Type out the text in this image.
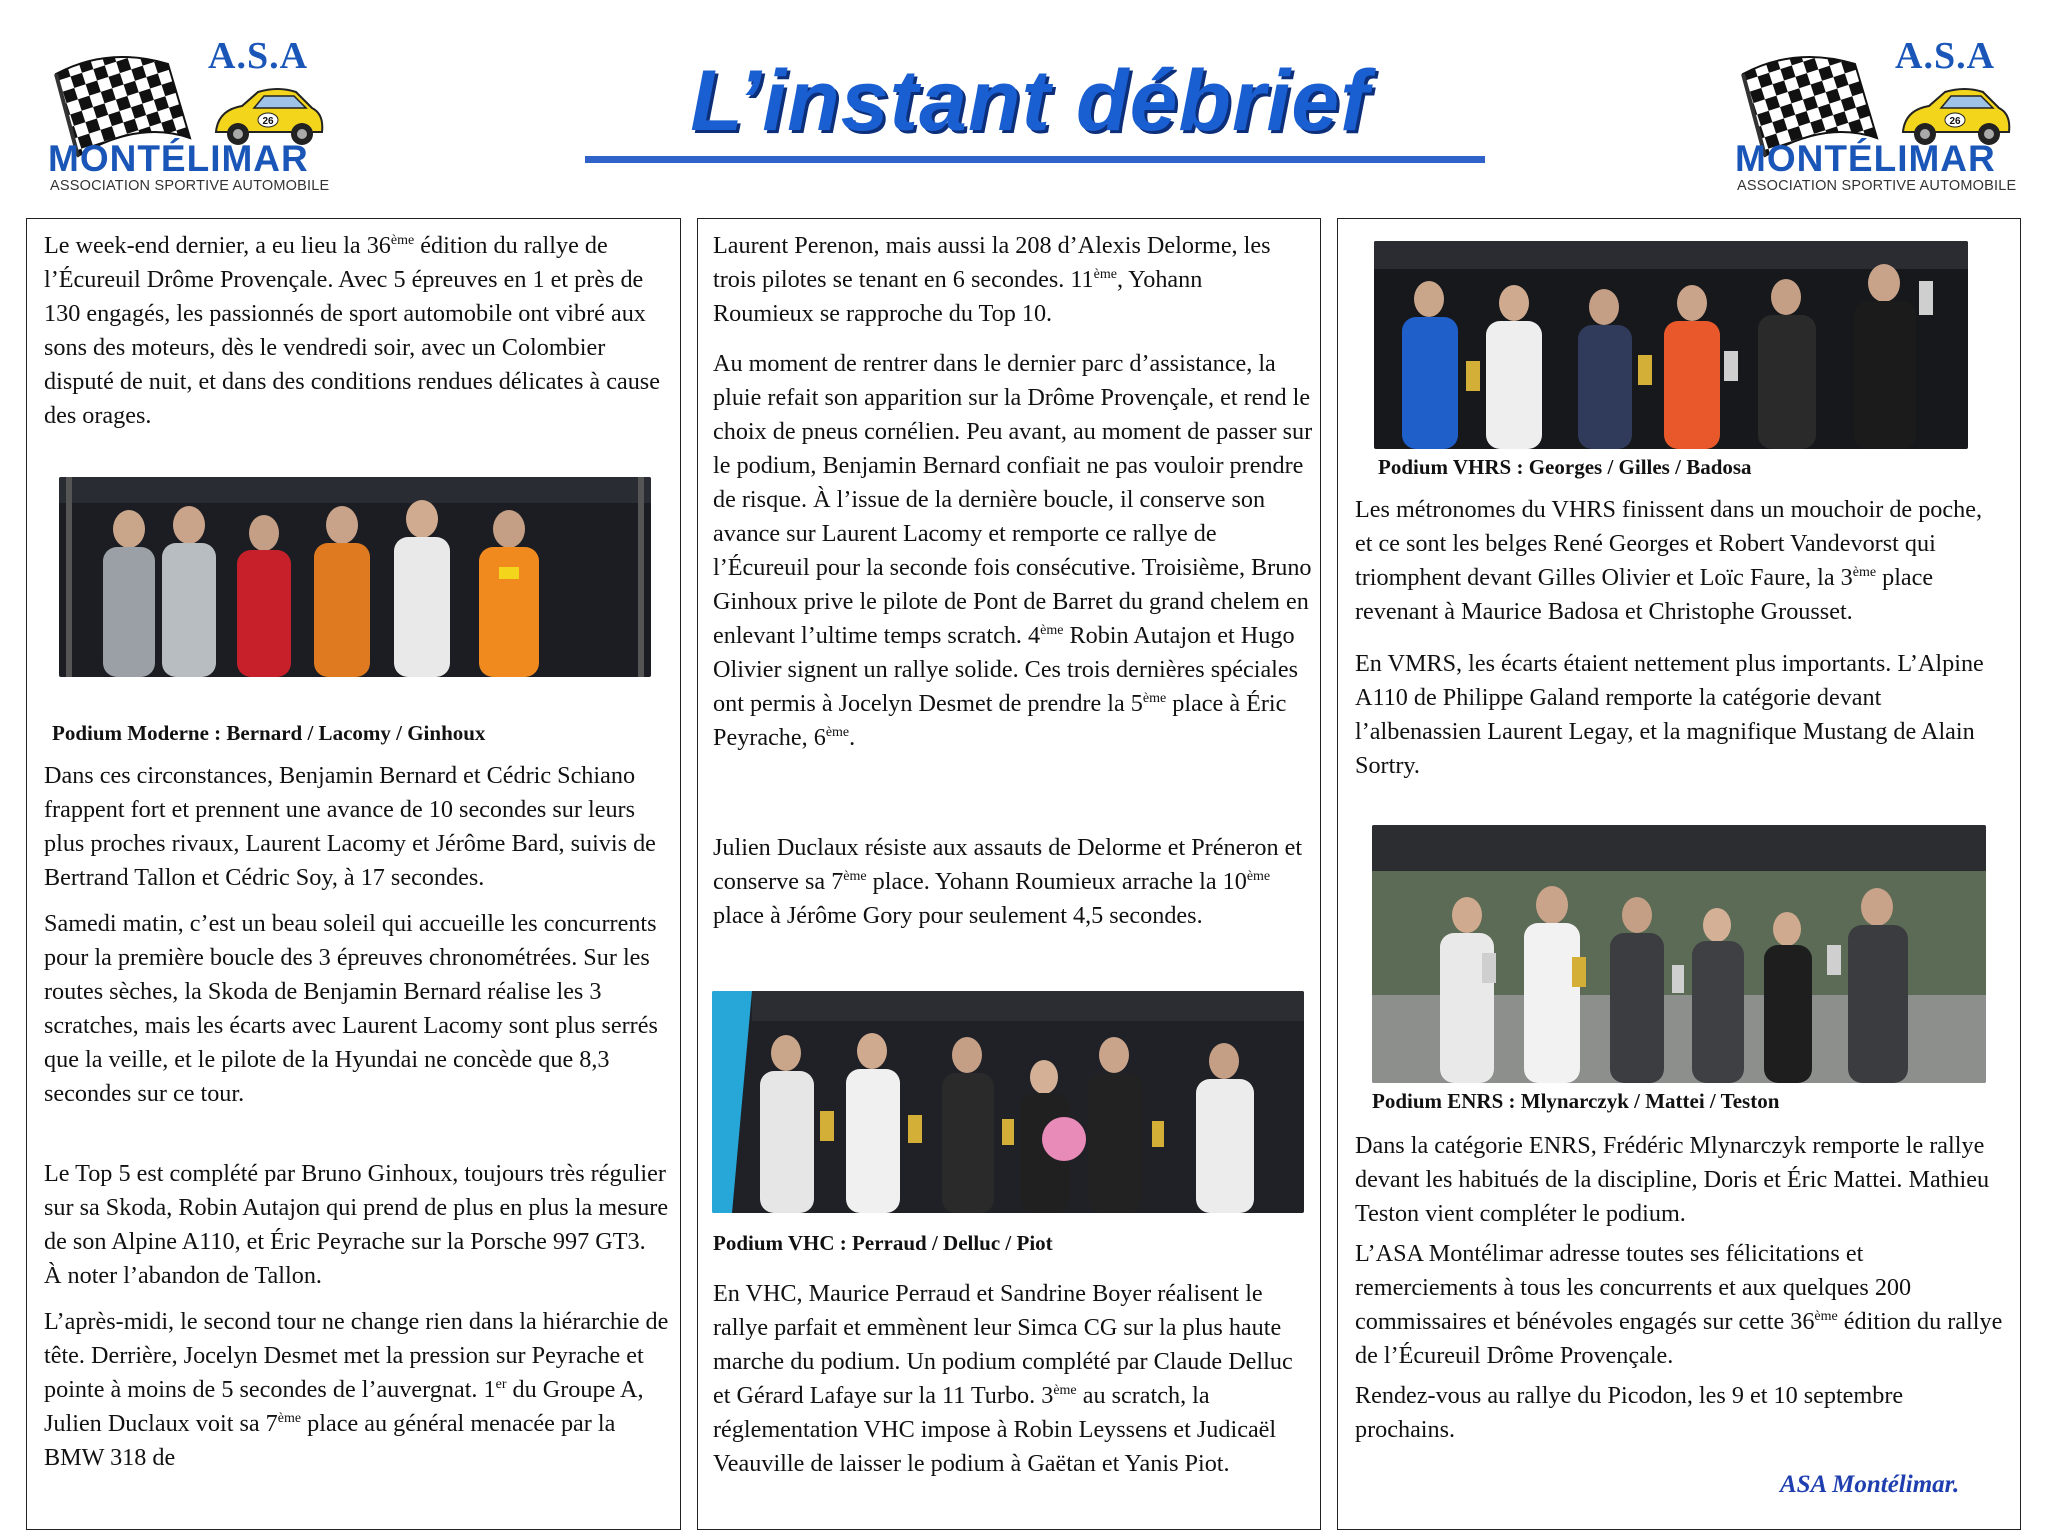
A.S.A
26
MONTÉLIMAR
ASSOCIATION SPORTIVE AUTOMOBILE
L’instant débrief	A.S.A
26
MONTÉLIMAR
ASSOCIATION SPORTIVE AUTOMOBILE

Le week-end dernier, a eu lieu la 36ème édition du rallye de l’Écureuil Drôme Provençale. Avec 5 épreuves en 1 et près de 130 engagés, les passionnés de sport automobile ont vibré aux sons des moteurs, dès le vendredi soir, avec un Colombier disputé de nuit, et dans des conditions rendues délicates à cause des orages.

Podium Moderne : Bernard / Lacomy / Ginhoux

Dans ces circonstances, Benjamin Bernard et Cédric Schiano frappent fort et prennent une avance de 10 secondes sur leurs plus proches rivaux, Laurent Lacomy et Jérôme Bard, suivis de Bertrand Tallon et Cédric Soy, à 17 secondes.

Samedi matin, c’est un beau soleil qui accueille les concurrents pour la première boucle des 3 épreuves chronométrées. Sur les routes sèches, la Skoda de Benjamin Bernard réalise les 3 scratches, mais les écarts avec Laurent Lacomy sont plus serrés que la veille, et le pilote de la Hyundai ne concède que 8,3 secondes sur ce tour.

Le Top 5 est complété par Bruno Ginhoux, toujours très régulier sur sa Skoda, Robin Autajon qui prend de plus en plus la mesure de son Alpine A110, et Éric Peyrache sur la Porsche 997 GT3. À noter l’abandon de Tallon.

L’après-midi, le second tour ne change rien dans la hiérarchie de tête. Derrière, Jocelyn Desmet met la pression sur Peyrache et pointe à moins de 5 secondes de l’auvergnat. 1er du Groupe A, Julien Duclaux voit sa 7ème place au général menacée par la BMW 318 de

Laurent Perenon, mais aussi la 208 d’Alexis Delorme, les trois pilotes se tenant en 6 secondes. 11ème, Yohann Roumieux se rapproche du Top 10.

Au moment de rentrer dans le dernier parc d’assistance, la pluie refait son apparition sur la Drôme Provençale, et rend le choix de pneus cornélien. Peu avant, au moment de passer sur le podium, Benjamin Bernard confiait ne pas vouloir prendre de risque. À l’issue de la dernière boucle, il conserve son avance sur Laurent Lacomy et remporte ce rallye de l’Écureuil pour la seconde fois consécutive. Troisième, Bruno Ginhoux prive le pilote de Pont de Barret du grand chelem en enlevant l’ultime temps scratch. 4ème Robin Autajon et Hugo Olivier signent un rallye solide. Ces trois dernières spéciales ont permis à Jocelyn Desmet de prendre la 5ème place à Éric Peyrache, 6ème.

Julien Duclaux résiste aux assauts de Delorme et Préneron et conserve sa 7ème place. Yohann Roumieux arrache la 10ème place à Jérôme Gory pour seulement 4,5 secondes.

Podium VHC : Perraud / Delluc / Piot

En VHC, Maurice Perraud et Sandrine Boyer réalisent le rallye parfait et emmènent leur Simca CG sur la plus haute marche du podium. Un podium complété par Claude Delluc et Gérard Lafaye sur la 11 Turbo. 3ème au scratch, la réglementation VHC impose à Robin Leyssens et Judicaël Veauville de laisser le podium à Gaëtan et Yanis Piot.

Podium VHRS : Georges / Gilles / Badosa

Les métronomes du VHRS finissent dans un mouchoir de poche, et ce sont les belges René Georges et Robert Vandevorst qui triomphent devant Gilles Olivier et Loïc Faure, la 3ème place revenant à Maurice Badosa et Christophe Grousset.

En VMRS, les écarts étaient nettement plus importants. L’Alpine A110 de Philippe Galand remporte la catégorie devant l’albenassien Laurent Legay, et la magnifique Mustang de Alain Sortry.

Podium ENRS : Mlynarczyk / Mattei / Teston

Dans la catégorie ENRS, Frédéric Mlynarczyk remporte le rallye devant les habitués de la discipline, Doris et Éric Mattei. Mathieu Teston vient compléter le podium.

L’ASA Montélimar adresse toutes ses félicitations et remerciements à tous les concurrents et aux quelques 200 commissaires et bénévoles engagés sur cette 36ème édition du rallye de l’Écureuil Drôme Provençale.

Rendez-vous au rallye du Picodon, les 9 et 10 septembre prochains.

ASA Montélimar.
